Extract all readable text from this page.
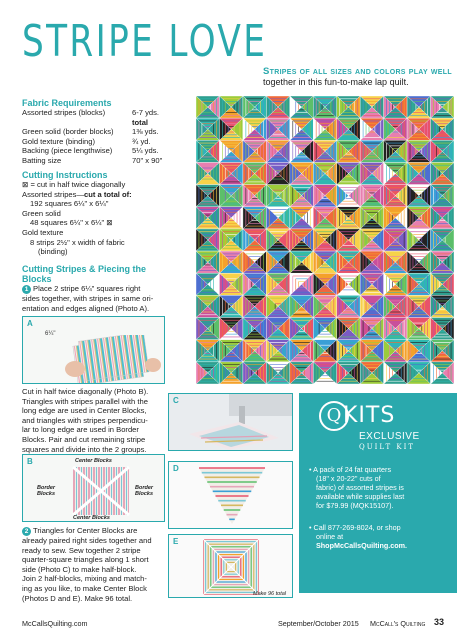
STRIPE LOVE
Stripes of all sizes and colors play well
together in this fun-to-make lap quilt.
Fabric Requirements
Assorted stripes (blocks)	6-7 yds.
total
Green solid (border blocks)	1⅜ yds.
Gold texture (binding)	¾ yd.
Backing (piece lengthwise)	5¼ yds.
Batting size	70" x 90"
Cutting Instructions
⊠ = cut in half twice diagonally
Assorted stripes—cut a total of:
192 squares 6¼" x 6¼"
Green solid
48 squares 6¼" x 6¼" ⊠
Gold texture
8 strips 2½" x width of fabric
(binding)
Cutting Stripes & Piecing the
Blocks
1 Place 2 stripe 6¼" squares right
sides together, with stripes in same ori-
entation and edges aligned (Photo A).
A
6¼"
Cut in half twice diagonally (Photo B).
Triangles with stripes parallel with the
long edge are used in Center Blocks,
and triangles with stripes perpendicu-
lar to long edge are used in Border
Blocks. Pair and cut remaining stripe
squares and divide into the 2 groups.
B	Center Blocks
Center Blocks
Border
Blocks
Border
Blocks
2 Triangles for Center Blocks are
already paired right sides together and
ready to sew. Sew together 2 stripe
quarter-square triangles along 1 short
side (Photo C) to make half-block.
Join 2 half-blocks, mixing and match-
ing as you like, to make Center Block
(Photos D and E). Make 96 total.
C
D
E
Make 96 total
Q KITS
EXCLUSIVE
QUILT KIT
• A pack of 24 fat quarters
(18" x 20-22" cuts of
fabric) of assorted stripes is
available while supplies last
for $79.99 (MQK15107).
• Call 877-269-8024, or shop
online at
ShopMcCallsQuilting.com.
McCallsQuilting.com	September/October 2015 McCall's Quilting 33
